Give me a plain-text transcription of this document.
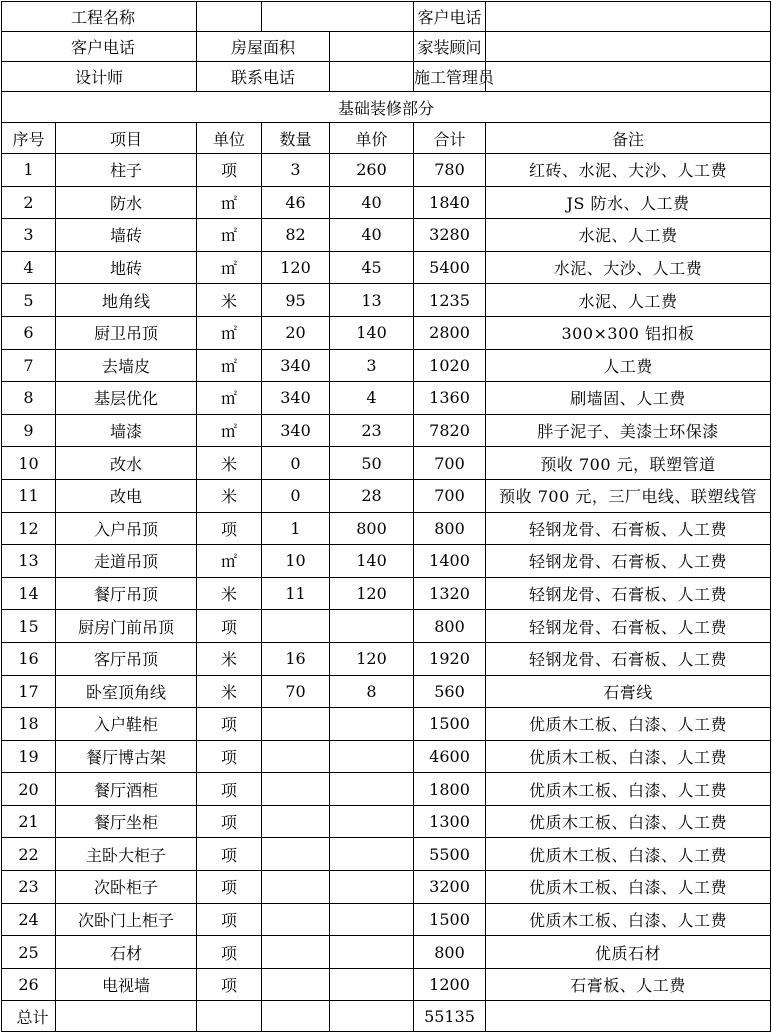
工程名称					客户电话	
客户电话		房屋面积			家装顾问	
设计师		联系电话			施工管理员	
基础装修部分						
序号	项目	单位	数量	单价	合计	备注
1	柱子	项	3	260	780	红砖、水泥、大沙、人工费
2	防水	㎡	46	40	1840	JS 防水、人工费
3	墙砖	㎡	82	40	3280	水泥、人工费
4	地砖	㎡	120	45	5400	水泥、大沙、人工费
5	地角线	米	95	13	1235	水泥、人工费
6	厨卫吊顶	㎡	20	140	2800	300×300 铝扣板
7	去墙皮	㎡	340	3	1020	人工费
8	基层优化	㎡	340	4	1360	刷墙固、人工费
9	墙漆	㎡	340	23	7820	胖子泥子、美漆士环保漆
10	改水	米	0	50	700	预收 700 元，联塑管道
11	改电	米	0	28	700	预收 700 元，三厂电线、联塑线管
12	入户吊顶	项	1	800	800	轻钢龙骨、石膏板、人工费
13	走道吊顶	㎡	10	140	1400	轻钢龙骨、石膏板、人工费
14	餐厅吊顶	米	11	120	1320	轻钢龙骨、石膏板、人工费
15	厨房门前吊顶	项			800	轻钢龙骨、石膏板、人工费
16	客厅吊顶	米	16	120	1920	轻钢龙骨、石膏板、人工费
17	卧室顶角线	米	70	8	560	石膏线
18	入户鞋柜	项			1500	优质木工板、白漆、人工费
19	餐厅博古架	项			4600	优质木工板、白漆、人工费
20	餐厅酒柜	项			1800	优质木工板、白漆、人工费
21	餐厅坐柜	项			1300	优质木工板、白漆、人工费
22	主卧大柜子	项			5500	优质木工板、白漆、人工费
23	次卧柜子	项			3200	优质木工板、白漆、人工费
24	次卧门上柜子	项			1500	优质木工板、白漆、人工费
25	石材	项			800	优质石材
26	电视墙	项			1200	石膏板、人工费
总计					55135	
